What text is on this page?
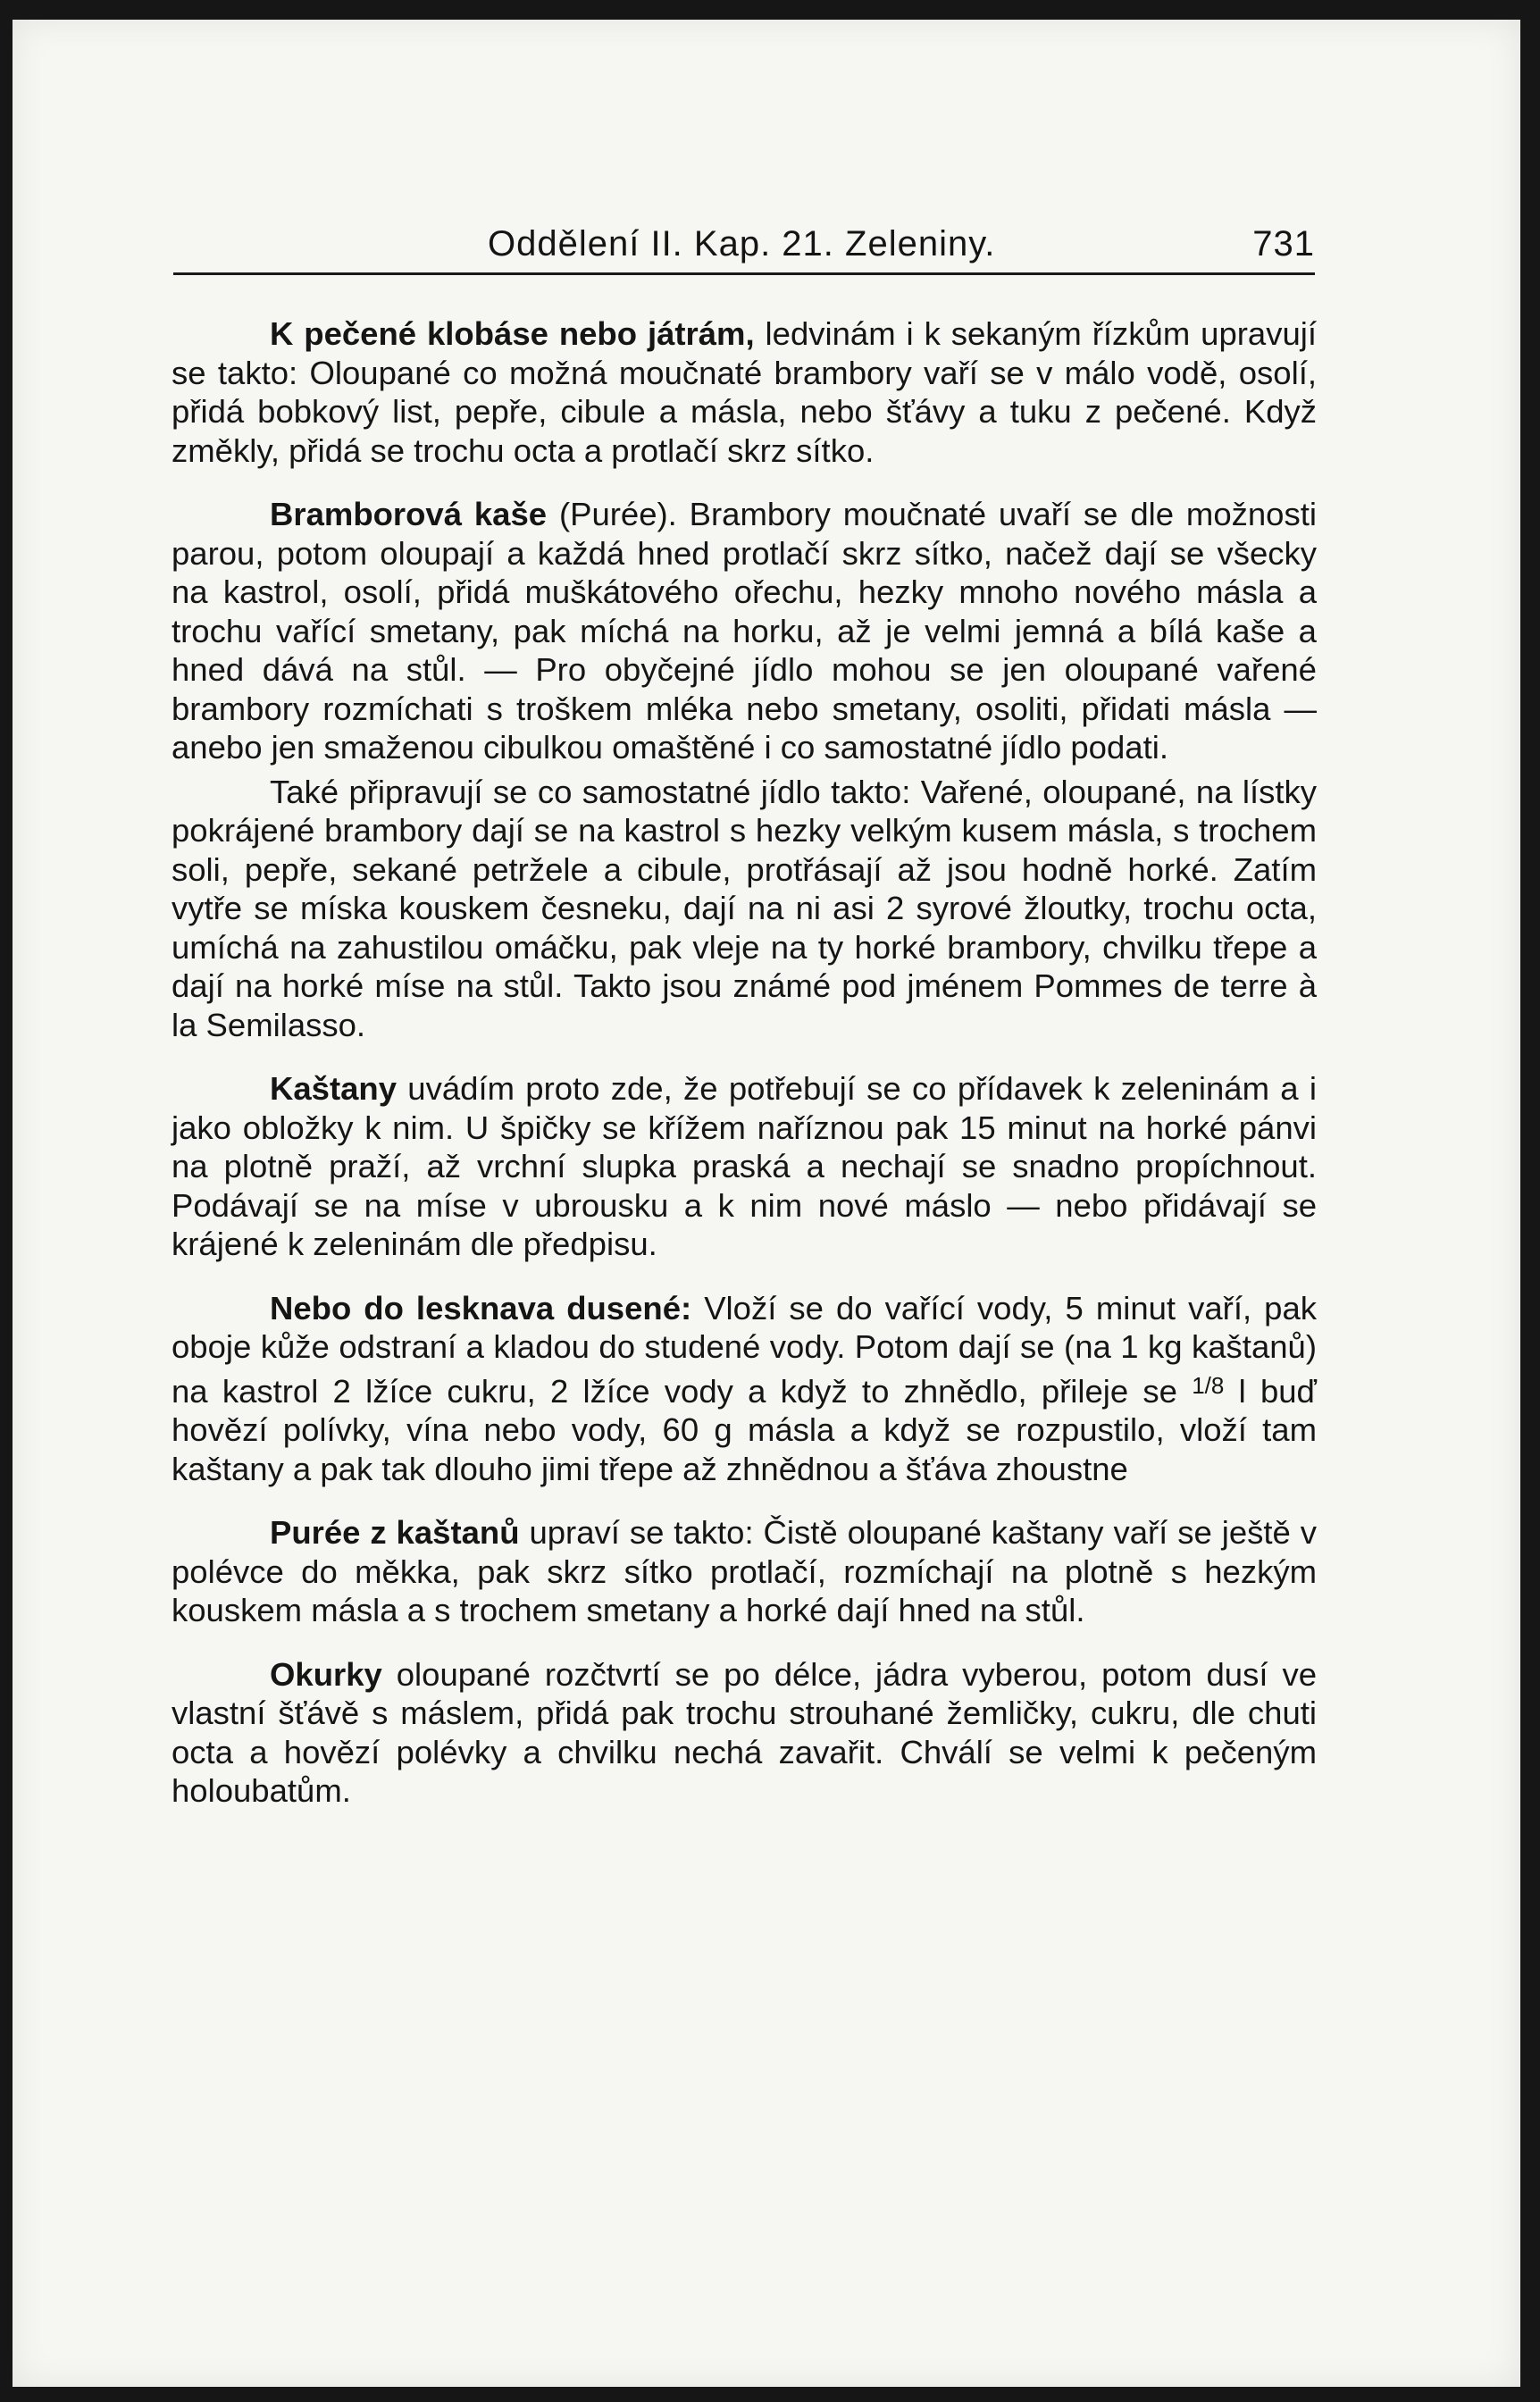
Oddělení II. Kap. 21. Zeleniny.	731

K pečené klobáse nebo játrám, ledvinám i k sekaným řízkům upravují se takto: Oloupané co možná moučnaté brambory vaří se v málo vodě, osolí, přidá bobkový list, pepře, cibule a másla, nebo šťávy a tuku z pečené. Když změkly, přidá se trochu octa a protlačí skrz sítko.

Bramborová kaše (Purée). Brambory moučnaté uvaří se dle možnosti parou, potom oloupají a každá hned protlačí skrz sítko, načež dají se všecky na kastrol, osolí, přidá muškátového ořechu, hezky mnoho nového másla a trochu vařící smetany, pak míchá na horku, až je velmi jemná a bílá kaše a hned dává na stůl. — Pro obyčejné jídlo mohou se jen oloupané vařené brambory rozmíchati s troškem mléka nebo smetany, osoliti, přidati másla — anebo jen smaženou cibulkou omaštěné i co samostatné jídlo podati.

Také připravují se co samostatné jídlo takto: Vařené, oloupané, na lístky pokrájené brambory dají se na kastrol s hezky velkým kusem másla, s trochem soli, pepře, sekané petržele a cibule, protřásají až jsou hodně horké. Zatím vytře se míska kouskem česneku, dají na ni asi 2 syrové žloutky, trochu octa, umíchá na zahustilou omáčku, pak vleje na ty horké brambory, chvilku třepe a dají na horké míse na stůl. Takto jsou známé pod jménem Pommes de terre à la Semilasso.

Kaštany uvádím proto zde, že potřebují se co přídavek k zeleninám a i jako obložky k nim. U špičky se křížem naříznou pak 15 minut na horké pánvi na plotně praží, až vrchní slupka praská a nechají se snadno propíchnout. Podávají se na míse v ubrousku a k nim nové máslo — nebo přidávají se krájené k zeleninám dle předpisu.

Nebo do lesknava dusené: Vloží se do vařící vody, 5 minut vaří, pak oboje kůže odstraní a kladou do studené vody. Potom dají se (na 1 kg kaštanů) na kastrol 2 lžíce cukru, 2 lžíce vody a když to zhnědlo, přileje se $^{1/8}$ l buď hovězí polívky, vína nebo vody, 60 g másla a když se rozpustilo, vloží tam kaštany a pak tak dlouho jimi třepe až zhnědnou a šťáva zhoustne

Purée z kaštanů upraví se takto: Čistě oloupané kaštany vaří se ještě v polévce do měkka, pak skrz sítko protlačí, rozmíchají na plotně s hezkým kouskem másla a s trochem smetany a horké dají hned na stůl.

Okurky oloupané rozčtvrtí se po délce, jádra vyberou, potom dusí ve vlastní šťávě s máslem, přidá pak trochu strouhané žemličky, cukru, dle chuti octa a hovězí polévky a chvilku nechá zavařit. Chválí se velmi k pečeným holoubatům.
